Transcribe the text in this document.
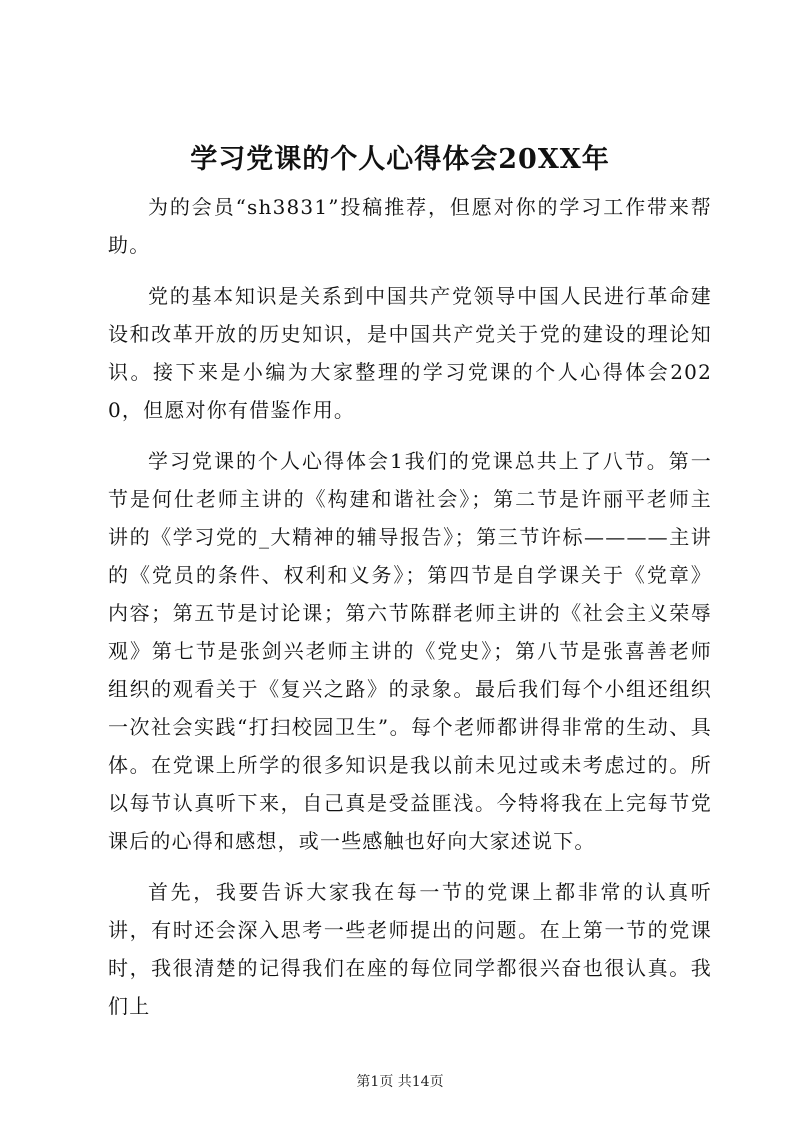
学习党课的个人心得体会20XX年

为的会员“sh3831”投稿推荐，但愿对你的学习工作带来帮助。

党的基本知识是关系到中国共产党领导中国人民进行革命建设和改革开放的历史知识，是中国共产党关于党的建设的理论知识。接下来是小编为大家整理的学习党课的个人心得体会2020，但愿对你有借鉴作用。

学习党课的个人心得体会1我们的党课总共上了八节。第一节是何仕老师主讲的《构建和谐社会》；第二节是许丽平老师主讲的《学习党的_大精神的辅导报告》；第三节许标————主讲的《党员的条件、权利和义务》；第四节是自学课关于《党章》内容；第五节是讨论课；第六节陈群老师主讲的《社会主义荣辱观》第七节是张剑兴老师主讲的《党史》；第八节是张喜善老师组织的观看关于《复兴之路》的录象。最后我们每个小组还组织一次社会实践“打扫校园卫生”。每个老师都讲得非常的生动、具体。在党课上所学的很多知识是我以前未见过或未考虑过的。所以每节认真听下来，自己真是受益匪浅。今特将我在上完每节党课后的心得和感想，或一些感触也好向大家述说下。

首先，我要告诉大家我在每一节的党课上都非常的认真听讲，有时还会深入思考一些老师提出的问题。在上第一节的党课时，我很清楚的记得我们在座的每位同学都很兴奋也很认真。我们上

第1页 共14页
